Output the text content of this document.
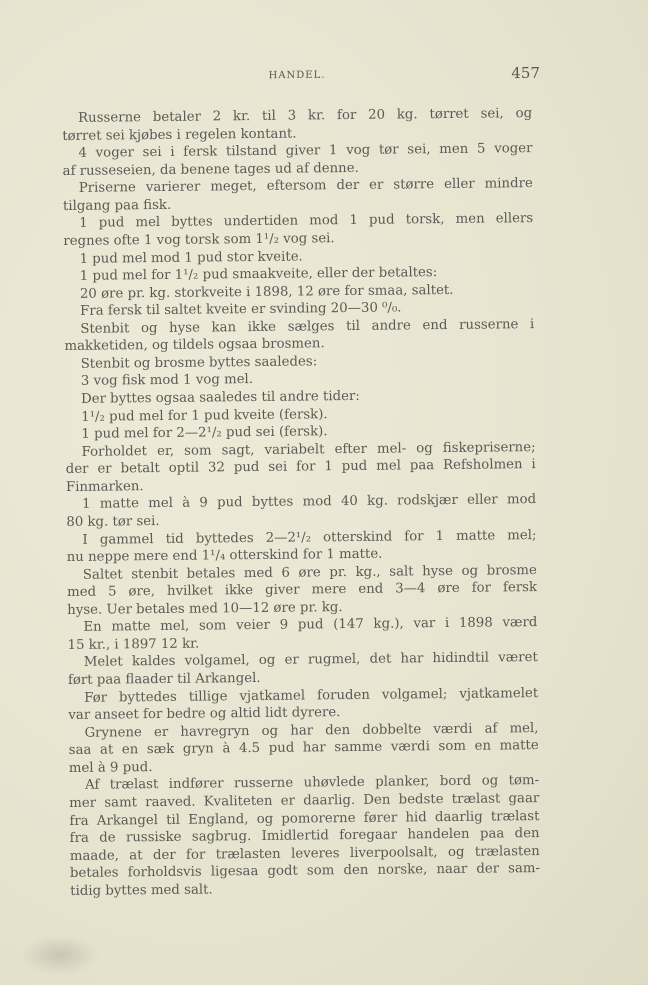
HANDEL.	457
Russerne betaler 2 kr. til 3 kr. for 20 kg. tørret sei, og
tørret sei kjøbes i regelen kontant.
4 voger sei i fersk tilstand giver 1 vog tør sei, men 5 voger
af russeseien, da benene tages ud af denne.
Priserne varierer meget, eftersom der er større eller mindre
tilgang paa fisk.
1 pud mel byttes undertiden mod 1 pud torsk, men ellers
regnes ofte 1 vog torsk som 1¹/₂ vog sei.
1 pud mel mod 1 pud stor kveite.
1 pud mel for 1¹/₂ pud smaakveite, eller der betaltes:
20 øre pr. kg. storkveite i 1898, 12 øre for smaa, saltet.
Fra fersk til saltet kveite er svinding 20—30 ⁰/₀.
Stenbit og hyse kan ikke sælges til andre end russerne i
makketiden, og tildels ogsaa brosmen.
Stenbit og brosme byttes saaledes:
3 vog fisk mod 1 vog mel.
Der byttes ogsaa saaledes til andre tider:
1¹/₂ pud mel for 1 pud kveite (fersk).
1 pud mel for 2—2¹/₂ pud sei (fersk).
Forholdet er, som sagt, variabelt efter mel- og fiskepriserne;
der er betalt optil 32 pud sei for 1 pud mel paa Refsholmen i
Finmarken.
1 matte mel à 9 pud byttes mod 40 kg. rodskjær eller mod
80 kg. tør sei.
I gammel tid byttedes 2—2¹/₂ otterskind for 1 matte mel;
nu neppe mere end 1¹/₄ otterskind for 1 matte.
Saltet stenbit betales med 6 øre pr. kg., salt hyse og brosme
med 5 øre, hvilket ikke giver mere end 3—4 øre for fersk
hyse. Uer betales med 10—12 øre pr. kg.
En matte mel, som veier 9 pud (147 kg.), var i 1898 værd
15 kr., i 1897 12 kr.
Melet kaldes volgamel, og er rugmel, det har hidindtil været
ført paa flaader til Arkangel.
Før byttedes tillige vjatkamel foruden volgamel; vjatkamelet
var anseet for bedre og altid lidt dyrere.
Grynene er havregryn og har den dobbelte værdi af mel,
saa at en sæk gryn à 4.5 pud har samme værdi som en matte
mel à 9 pud.
Af trælast indfører russerne uhøvlede planker, bord og tøm-
mer samt raaved. Kvaliteten er daarlig. Den bedste trælast gaar
fra Arkangel til England, og pomorerne fører hid daarlig trælast
fra de russiske sagbrug. Imidlertid foregaar handelen paa den
maade, at der for trælasten leveres liverpoolsalt, og trælasten
betales forholdsvis ligesaa godt som den norske, naar der sam-
tidig byttes med salt.
